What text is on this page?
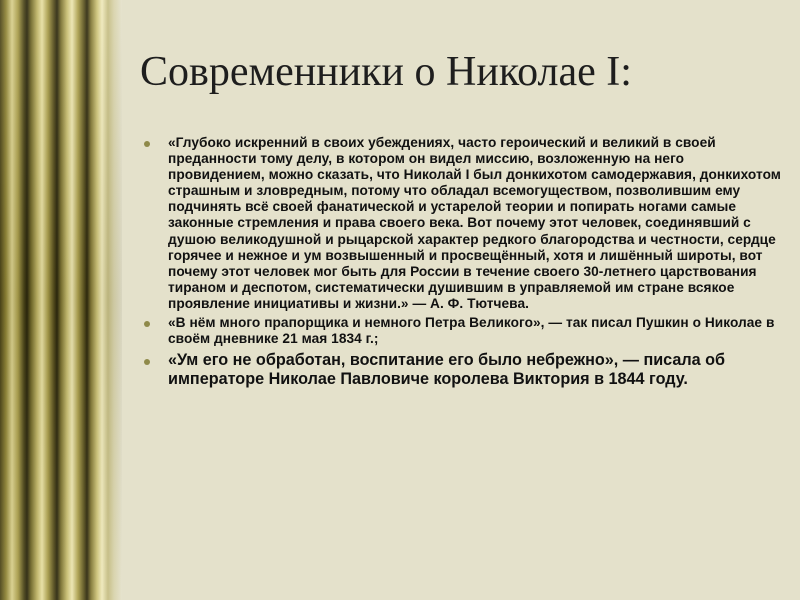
Современники о Николае I:
«Глубоко искренний в своих убеждениях, часто героический и великий в своей преданности тому делу, в котором он видел миссию, возложенную на него провидением, можно сказать, что Николай I был донкихотом самодержавия, донкихотом страшным и зловредным, потому что обладал всемогуществом, позволившим ему подчинять всё своей фанатической и устарелой теории и попирать ногами самые законные стремления и права своего века. Вот почему этот человек, соединявший с душою великодушной и рыцарской характер редкого благородства и честности, сердце горячее и нежное и ум возвышенный и просвещённый, хотя и лишённый широты, вот почему этот человек мог быть для России в течение своего 30-летнего царствования тираном и деспотом, систематически душившим в управляемой им стране всякое проявление инициативы и жизни.» — А. Ф. Тютчева.
«В нём много прапорщика и немного Петра Великого», — так писал Пушкин о Николае в своём дневнике 21 мая 1834 г.;
«Ум его не обработан, воспитание его было небрежно», — писала об императоре Николае Павловиче королева Виктория в 1844 году.
